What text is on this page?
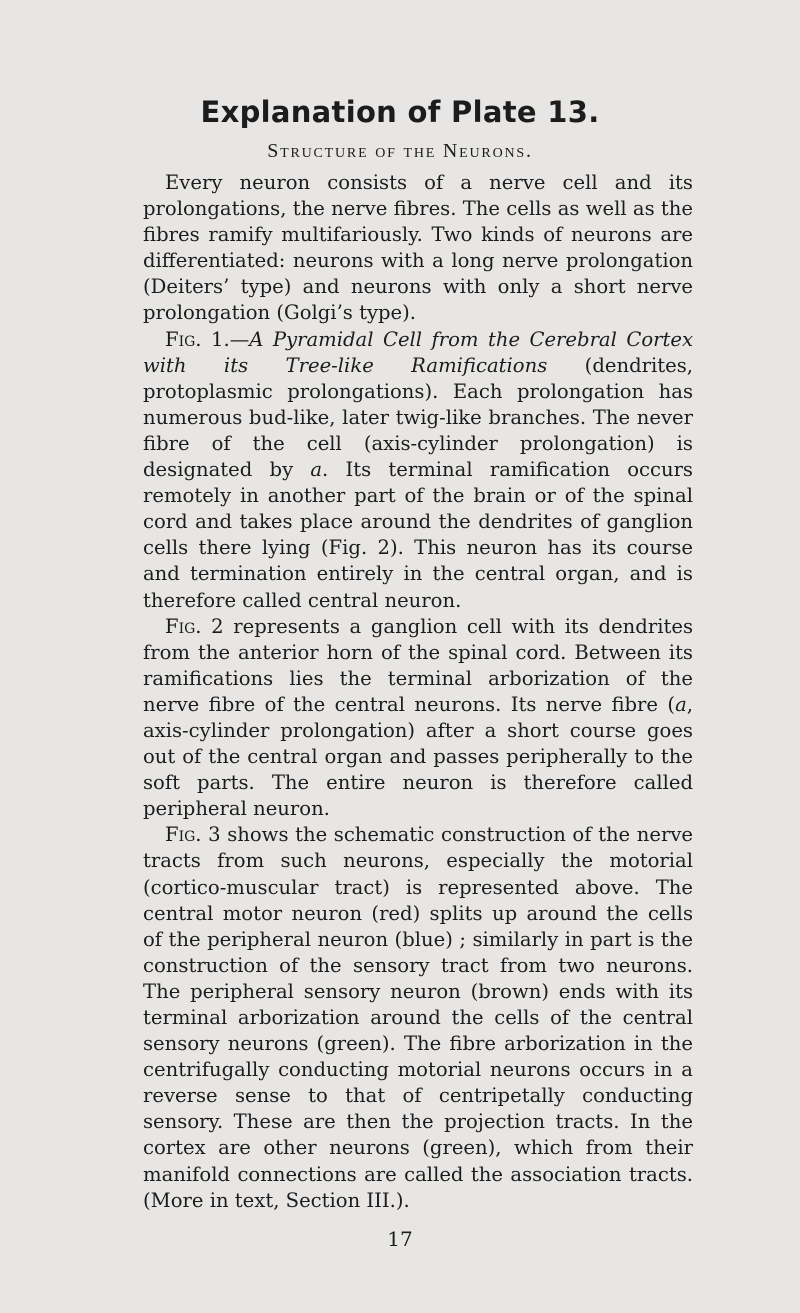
Explanation of Plate 13.
Structure of the Neurons.

Every neuron consists of a nerve cell and its prolongations, the nerve fibres. The cells as well as the fibres ramify multifariously. Two kinds of neurons are differentiated: neurons with a long nerve prolongation (Deiters’ type) and neurons with only a short nerve prolongation (Golgi’s type).

Fig. 1.—A Pyramidal Cell from the Cerebral Cortex with its Tree-like Ramifications (dendrites, protoplasmic prolongations). Each prolongation has numerous bud-like, later twig-like branches. The never fibre of the cell (axis-cylinder prolongation) is designated by a. Its terminal ramification occurs remotely in another part of the brain or of the spinal cord and takes place around the dendrites of ganglion cells there lying (Fig. 2). This neuron has its course and termination entirely in the central organ, and is therefore called central neuron.

Fig. 2 represents a ganglion cell with its dendrites from the anterior horn of the spinal cord. Between its ramifications lies the terminal arborization of the nerve fibre of the central neurons. Its nerve fibre (a, axis-cylinder prolongation) after a short course goes out of the central organ and passes peripherally to the soft parts. The entire neuron is therefore called peripheral neuron.

Fig. 3 shows the schematic construction of the nerve tracts from such neurons, especially the motorial (cortico-muscular tract) is represented above. The central motor neuron (red) splits up around the cells of the peripheral neuron (blue) ; similarly in part is the construction of the sensory tract from two neurons. The peripheral sensory neuron (brown) ends with its terminal arborization around the cells of the central sensory neurons (green). The fibre arborization in the centrifugally conducting motorial neurons occurs in a reverse sense to that of centripetally conducting sensory. These are then the projection tracts. In the cortex are other neurons (green), which from their manifold connections are called the association tracts. (More in text, Section III.).

17
